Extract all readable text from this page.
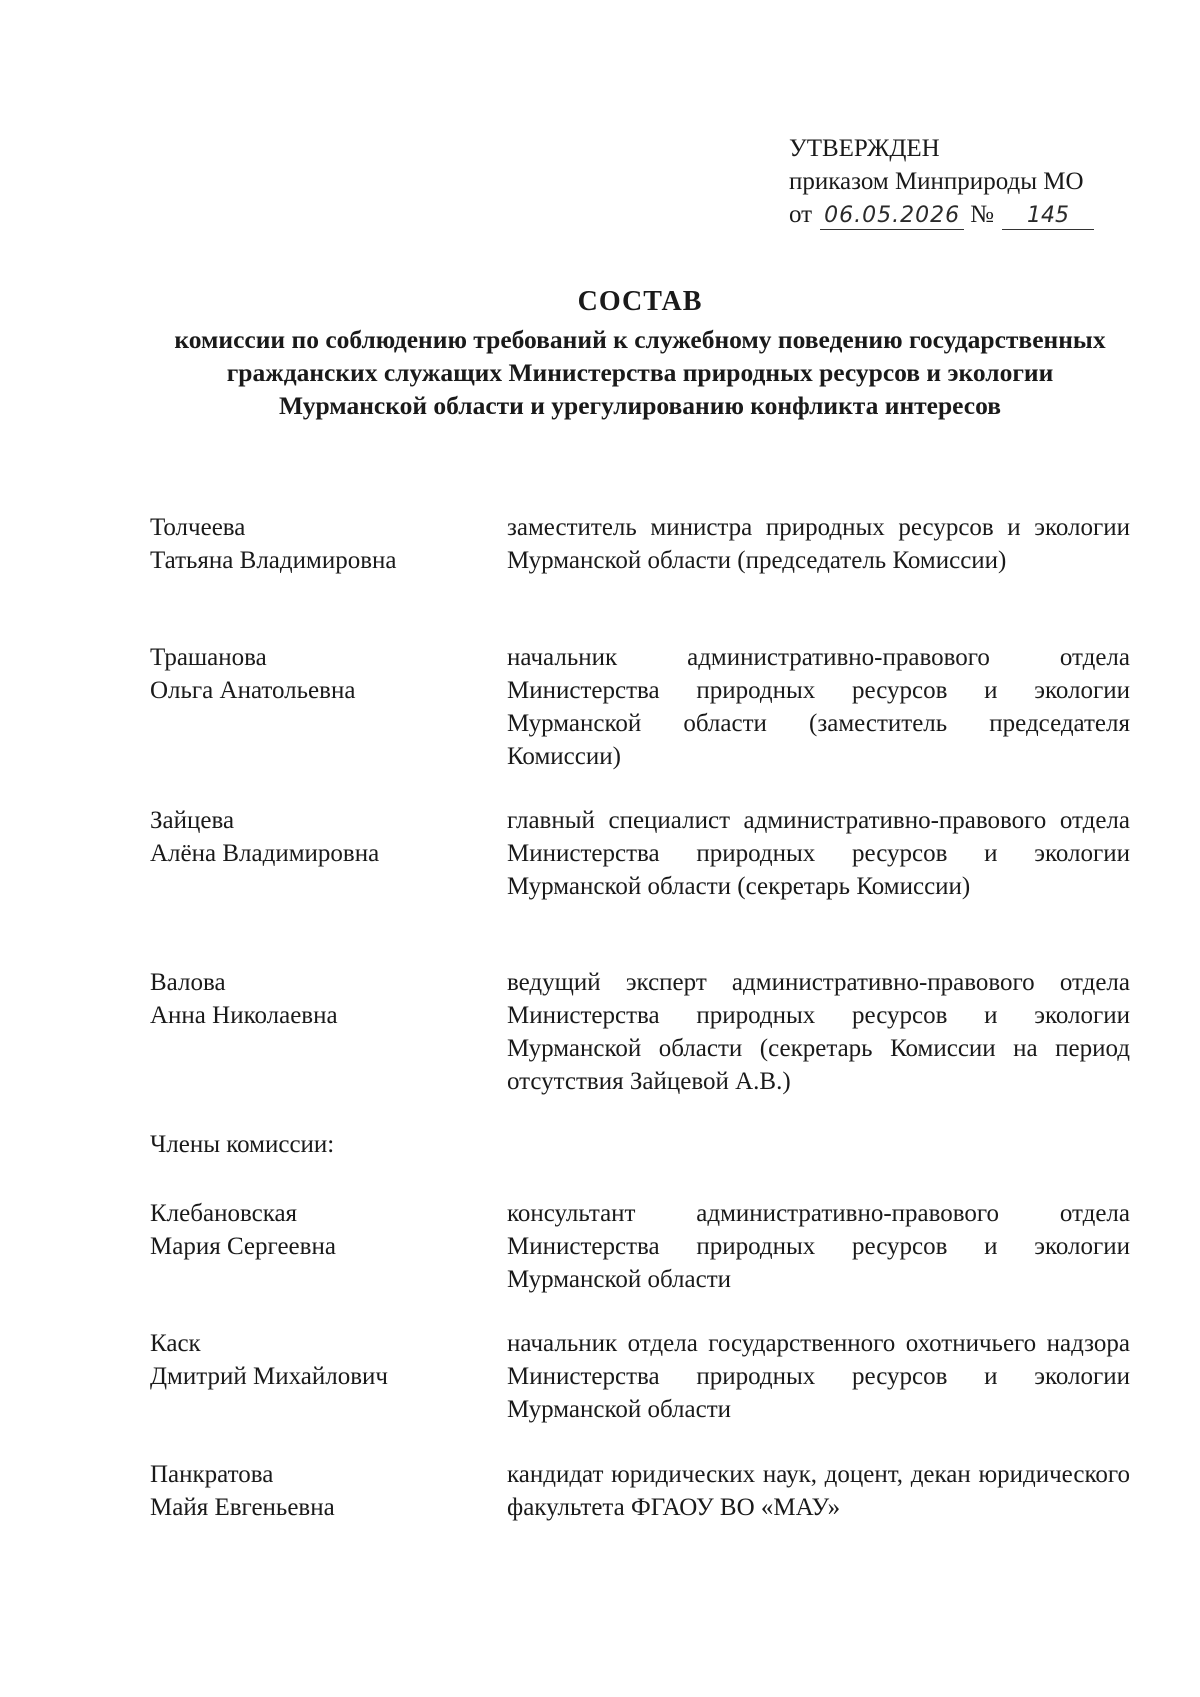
УТВЕРЖДЕН
приказом Минприроды МО
от 06.05.2026 № 145
СОСТАВ
комиссии по соблюдению требований к служебному поведению государственных гражданских служащих Министерства природных ресурсов и экологии Мурманской области и урегулированию конфликта интересов
Толчеева
Татьяна Владимировна
заместитель министра природных ресурсов и экологии Мурманской области (председатель Комиссии)
Трашанова
Ольга Анатольевна
начальник административно-правового отдела Министерства природных ресурсов и экологии Мурманской области (заместитель председателя Комиссии)
Зайцева
Алёна Владимировна
главный специалист административно-правового отдела Министерства природных ресурсов и экологии Мурманской области (секретарь Комиссии)
Валова
Анна Николаевна
ведущий эксперт административно-правового отдела Министерства природных ресурсов и экологии Мурманской области (секретарь Комиссии на период отсутствия Зайцевой А.В.)
Члены комиссии:
Клебановская
Мария Сергеевна
консультант административно-правового отдела Министерства природных ресурсов и экологии Мурманской области
Каск
Дмитрий Михайлович
начальник отдела государственного охотничьего надзора Министерства природных ресурсов и экологии Мурманской области
Панкратова
Майя Евгеньевна
кандидат юридических наук, доцент, декан юридического факультета ФГАОУ ВО «МАУ»
